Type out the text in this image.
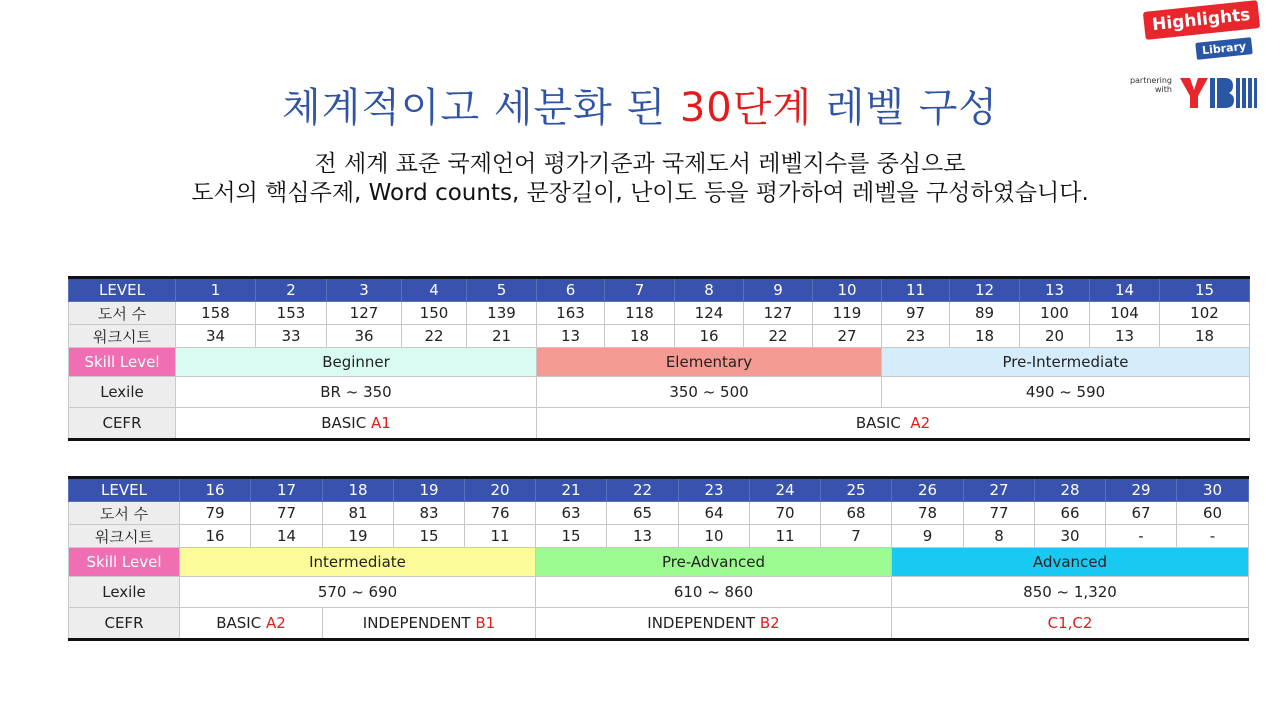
Highlights
Library
partnering
with
YBM
체계적이고 세분화 된 30단계 레벨 구성
전 세계 표준 국제언어 평가기준과 국제도서 레벨지수를 중심으로
도서의 핵심주제, Word counts, 문장길이, 난이도 등을 평가하여 레벨을 구성하였습니다.
LEVEL	1	2	3	4	5	6	7	8	9	10	11	12	13	14	15
도서 수	158	153	127	150	139	163	118	124	127	119	97	89	100	104	102
워크시트	34	33	36	22	21	13	18	16	22	27	23	18	20	13	18
Skill Level	Beginner					Elementary					Pre-Intermediate				
Lexile	BR ~ 350					350 ~ 500					490 ~ 590				
CEFR	BASIC A1					BASIC  A2									
LEVEL	16	17	18	19	20	21	22	23	24	25	26	27	28	29	30
도서 수	79	77	81	83	76	63	65	64	70	68	78	77	66	67	60
워크시트	16	14	19	15	11	15	13	10	11	7	9	8	30	-	-
Skill Level	Intermediate					Pre-Advanced					Advanced				
Lexile	570 ~ 690					610 ~ 860					850 ~ 1,320				
CEFR	BASIC A2		INDEPENDENT B1			INDEPENDENT B2					C1,C2				
